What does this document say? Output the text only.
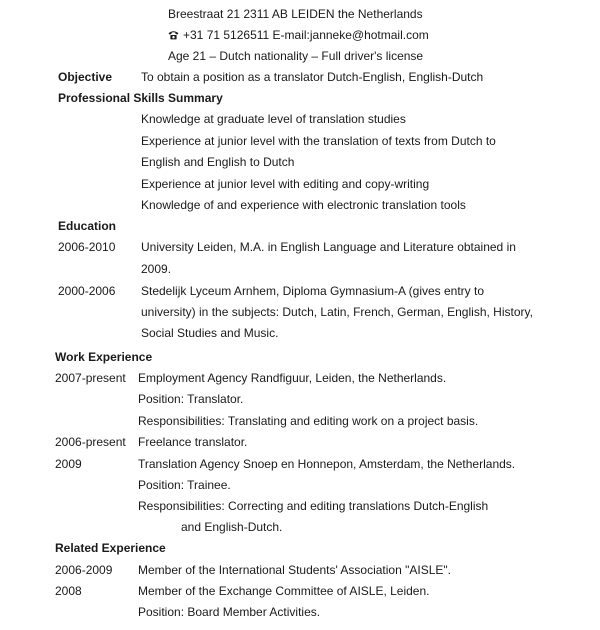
Breestraat 21 2311 AB LEIDEN the Netherlands
+31 71 5126511 E-mail:janneke@hotmail.com
Age 21 – Dutch nationality – Full driver's license
Objective To obtain a position as a translator Dutch-English, English-Dutch
Professional Skills Summary
Knowledge at graduate level of translation studies
Experience at junior level with the translation of texts from Dutch to
English and English to Dutch
Experience at junior level with editing and copy-writing
Knowledge of and experience with electronic translation tools
Education
2006-2010 University Leiden, M.A. in English Language and Literature obtained in
2009.
2000-2006 Stedelijk Lyceum Arnhem, Diploma Gymnasium-A (gives entry to
university) in the subjects: Dutch, Latin, French, German, English, History,
Social Studies and Music.
Work Experience
2007-present Employment Agency Randfiguur, Leiden, the Netherlands.
Position: Translator.
Responsibilities: Translating and editing work on a project basis.
2006-present Freelance translator.
2009	Translation Agency Snoep en Honnepon, Amsterdam, the Netherlands.
Position: Trainee.
Responsibilities: Correcting and editing translations Dutch-English
and English-Dutch.
Related Experience
2006-2009 Member of the International Students' Association "AISLE".
2008	Member of the Exchange Committee of AISLE, Leiden.
Position: Board Member Activities.
